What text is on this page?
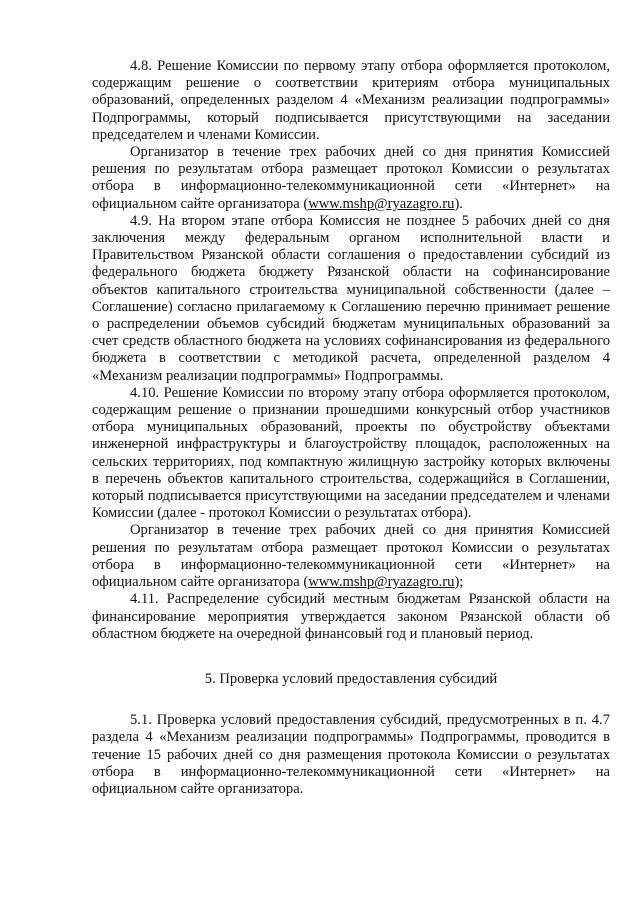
4.8. Решение Комиссии по первому этапу отбора оформляется протоколом, содержащим решение о соответствии критериям отбора муниципальных образований, определенных разделом 4 «Механизм реализации подпрограммы» Подпрограммы, который подписывается присутствующими на заседании председателем и членами Комиссии.

Организатор в течение трех рабочих дней со дня принятия Комиссией решения по результатам отбора размещает протокол Комиссии о результатах отбора в информационно-телекоммуникационной сети «Интернет» на официальном сайте организатора (www.mshp@ryazagro.ru).

4.9. На втором этапе отбора Комиссия не позднее 5 рабочих дней со дня заключения между федеральным органом исполнительной власти и Правительством Рязанской области соглашения о предоставлении субсидий из федерального бюджета бюджету Рязанской области на софинансирование объектов капитального строительства муниципальной собственности (далее – Соглашение) согласно прилагаемому к Соглашению перечню принимает решение о распределении объемов субсидий бюджетам муниципальных образований за счет средств областного бюджета на условиях софинансирования из федерального бюджета в соответствии с методикой расчета, определенной разделом 4 «Механизм реализации подпрограммы» Подпрограммы.

4.10. Решение Комиссии по второму этапу отбора оформляется протоколом, содержащим решение о признании прошедшими конкурсный отбор участников отбора муниципальных образований, проекты по обустройству объектами инженерной инфраструктуры и благоустройству площадок, расположенных на сельских территориях, под компактную жилищную застройку которых включены в перечень объектов капитального строительства, содержащийся в Соглашении, который подписывается присутствующими на заседании председателем и членами Комиссии (далее - протокол Комиссии о результатах отбора).

Организатор в течение трех рабочих дней со дня принятия Комиссией решения по результатам отбора размещает протокол Комиссии о результатах отбора в информационно-телекоммуникационной сети «Интернет» на официальном сайте организатора (www.mshp@ryazagro.ru);

4.11. Распределение субсидий местным бюджетам Рязанской области на финансирование мероприятия утверждается законом Рязанской области об областном бюджете на очередной финансовый год и плановый период.

5. Проверка условий предоставления субсидий

5.1. Проверка условий предоставления субсидий, предусмотренных в п. 4.7 раздела 4 «Механизм реализации подпрограммы» Подпрограммы, проводится в течение 15 рабочих дней со дня размещения протокола Комиссии о результатах отбора в информационно-телекоммуникационной сети «Интернет» на официальном сайте организатора.
